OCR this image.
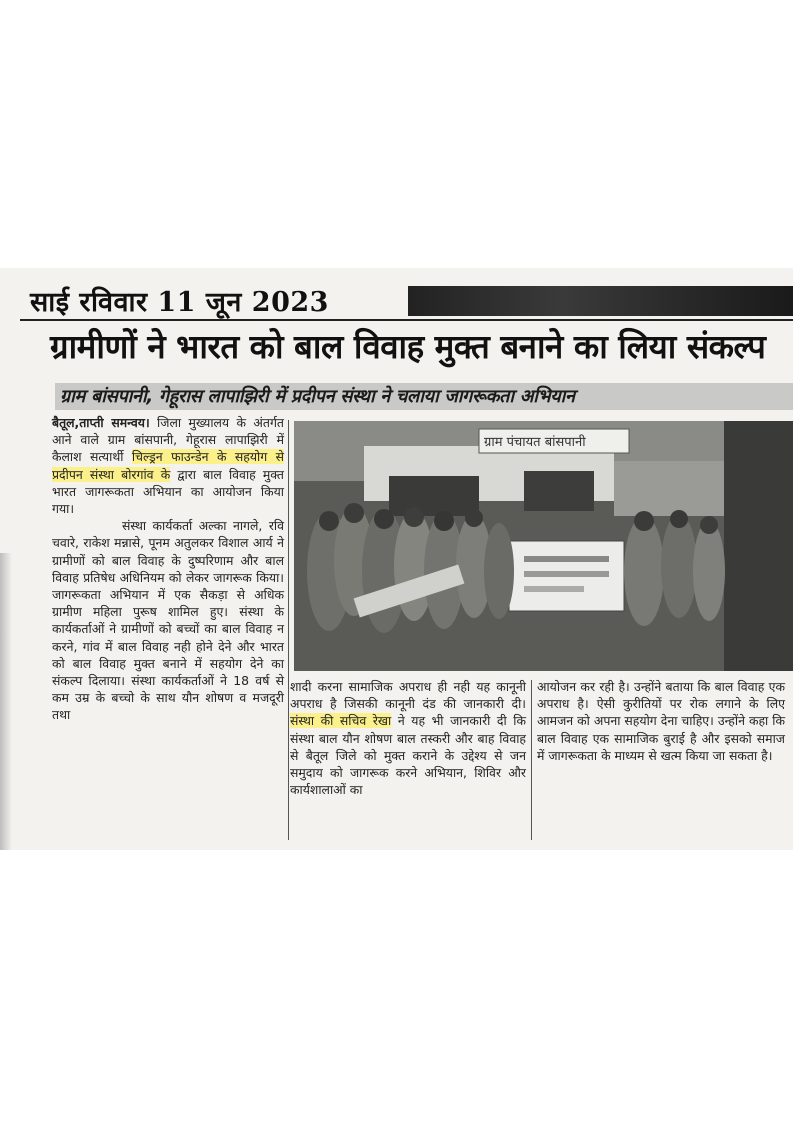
साई रविवार 11 जून 2023
ग्रामीणों ने भारत को बाल विवाह मुक्त बनाने का लिया संकल्प
ग्राम बांसपानी, गेहूरास लापाझिरी में प्रदीपन संस्था ने चलाया जागरूकता अभियान

बैतूल,ताप्ती समन्वय। जिला मुख्यालय के अंतर्गत आने वाले ग्राम बांसपानी, गेहूरास लापाझिरी में कैलाश सत्यार्थी चिल्ड्रन फाउन्डेन के सहयोग से प्रदीपन संस्था बोरगांव के द्वारा बाल विवाह मुक्त भारत जागरूकता अभियान का आयोजन किया गया।

संस्था कार्यकर्ता अल्का नागले, रवि चवारे, राकेश मन्नासे, पूनम अतुलकर विशाल आर्य ने ग्रामीणों को बाल विवाह के दुष्परिणाम और बाल विवाह प्रतिषेध अधिनियम को लेकर जागरूक किया। जागरूकता अभियान में एक सैकड़ा से अधिक ग्रामीण महिला पुरूष शामिल हुए। संस्था के कार्यकर्ताओं ने ग्रामीणों को बच्चों का बाल विवाह न करने, गांव में बाल विवाह नही होने देने और भारत को बाल विवाह मुक्त बनाने में सहयोग देने का संकल्प दिलाया। संस्था कार्यकर्ताओं ने 18 वर्ष से कम उम्र के बच्चो के साथ यौन शोषण व मजदूरी तथा

ग्राम पंचायत बांसपानी

शादी करना सामाजिक अपराध ही नही यह कानूनी अपराध है जिसकी कानूनी दंड की जानकारी दी। संस्था की सचिव रेखा ने यह भी जानकारी दी कि संस्था बाल यौन शोषण बाल तस्करी और बाह विवाह से बैतूल जिले को मुक्त कराने के उद्देश्य से जन समुदाय को जागरूक करने अभियान, शिविर और कार्यशालाओं का

आयोजन कर रही है। उन्होंने बताया कि बाल विवाह एक अपराध है। ऐसी कुरीतियों पर रोक लगाने के लिए आमजन को अपना सहयोग देना चाहिए। उन्होंने कहा कि बाल विवाह एक सामाजिक बुराई है और इसको समाज में जागरूकता के माध्यम से खत्म किया जा सकता है।
